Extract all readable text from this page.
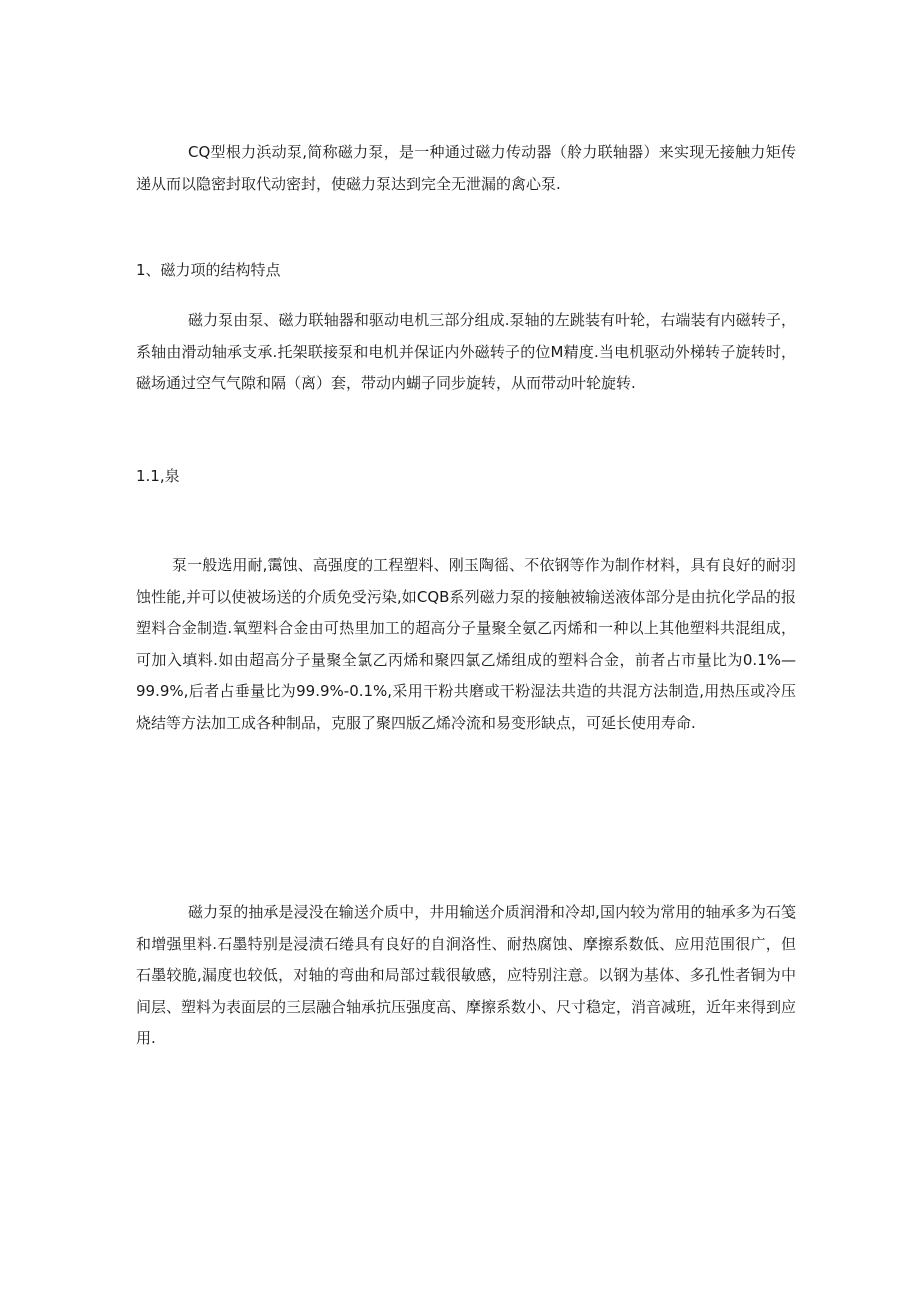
CQ型根力浜动泵,简称磁力泵，是一种通过磁力传动器（舲力联轴器）来实现无接触力矩传递从而以隐密封取代动密封，使磁力泵达到完全无泄漏的禽心泵.

1、磁力项的结构特点

磁力泵由泵、磁力联轴器和驱动电机三部分组成.泵轴的左跳装有叶轮，右端装有内磁转子，系轴由滑动轴承支承.托架联接泵和电机并保证内外磁转子的位M精度.当电机驱动外梯转子旋转时，磁场通过空气气隙和隔（离）套，带动内蝴子同步旋转，从而带动叶轮旋转.

1.1,泉

泵一般选用耐,霭蚀、高强度的工程塑料、刚玉陶徭、不依钢等作为制作材料，具有良好的耐羽蚀性能,并可以使被场送的介质免受污染,如CQB系列磁力泵的接触被输送液体部分是由抗化学品的报塑料合金制造.氧塑料合金由可热里加工的超高分子量聚全氨乙丙烯和一种以上其他塑料共混组成，可加入填料.如由超高分子量聚全氯乙丙烯和聚四氯乙烯组成的塑料合金，前者占市量比为0.1%—99.9%,后者占垂量比为99.9%-0.1%,采用干粉共磨或干粉湿法共造的共混方法制造,用热压或冷压烧结等方法加工成各种制品，克服了聚四版乙烯冷流和易变形缺点，可延长使用寿命.

磁力泵的抽承是浸没在输送介质中，井用输送介质润滑和冷却,国内较为常用的轴承多为石笺和增强里料.石墨特别是浸渍石绻具有良好的自涧洛性、耐热腐蚀、摩擦系数低、应用范围很广，但石墨较脆,漏度也较低，对轴的弯曲和局部过载很敏感，应特别注意。以钢为基体、多孔性者铜为中间层、塑料为表面层的三层融合轴承抗压强度高、摩擦系数小、尺寸稳定，消音减班，近年来得到应用.
